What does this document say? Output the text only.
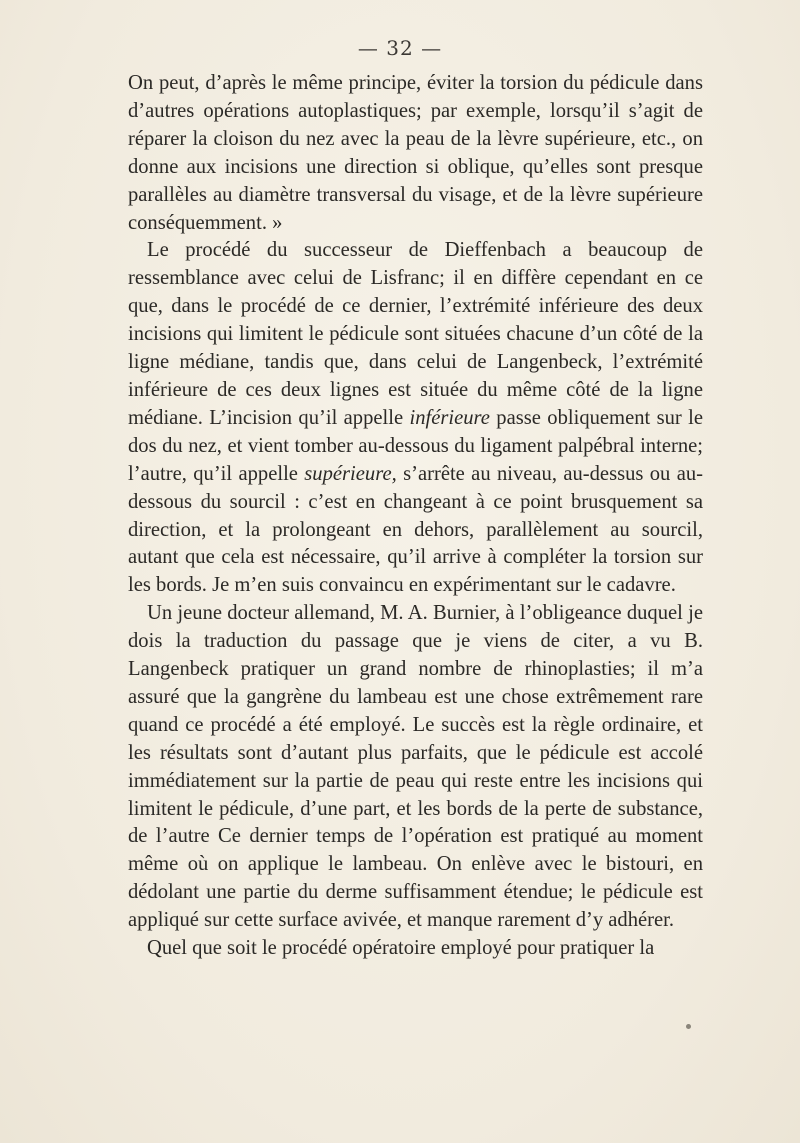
— 32 —

On peut, d’après le même principe, éviter la torsion du pédicule dans d’autres opérations autoplastiques; par exemple, lorsqu’il s’agit de réparer la cloison du nez avec la peau de la lèvre supérieure, etc., on donne aux incisions une direction si oblique, qu’elles sont presque parallèles au diamètre transversal du visage, et de la lèvre supérieure conséquemment. »

Le procédé du successeur de Dieffenbach a beaucoup de ressemblance avec celui de Lisfranc; il en diffère cependant en ce que, dans le procédé de ce dernier, l’extrémité inférieure des deux incisions qui limitent le pédicule sont situées chacune d’un côté de la ligne médiane, tandis que, dans celui de Langenbeck, l’extrémité inférieure de ces deux lignes est située du même côté de la ligne médiane. L’incision qu’il appelle inférieure passe obliquement sur le dos du nez, et vient tomber au-dessous du ligament palpébral interne; l’autre, qu’il appelle supérieure, s’arrête au niveau, au-dessus ou au-dessous du sourcil : c’est en changeant à ce point brusquement sa direction, et la prolongeant en dehors, parallèlement au sourcil, autant que cela est nécessaire, qu’il arrive à compléter la torsion sur les bords. Je m’en suis convaincu en expérimentant sur le cadavre.

Un jeune docteur allemand, M. A. Burnier, à l’obligeance duquel je dois la traduction du passage que je viens de citer, a vu B. Langenbeck pratiquer un grand nombre de rhinoplasties; il m’a assuré que la gangrène du lambeau est une chose extrêmement rare quand ce procédé a été employé. Le succès est la règle ordinaire, et les résultats sont d’autant plus parfaits, que le pédicule est accolé immédiatement sur la partie de peau qui reste entre les incisions qui limitent le pédicule, d’une part, et les bords de la perte de substance, de l’autre Ce dernier temps de l’opération est pratiqué au moment même où on applique le lambeau. On enlève avec le bistouri, en dédolant une partie du derme suffisamment étendue; le pédicule est appliqué sur cette surface avivée, et manque rarement d’y adhérer.

Quel que soit le procédé opératoire employé pour pratiquer la
